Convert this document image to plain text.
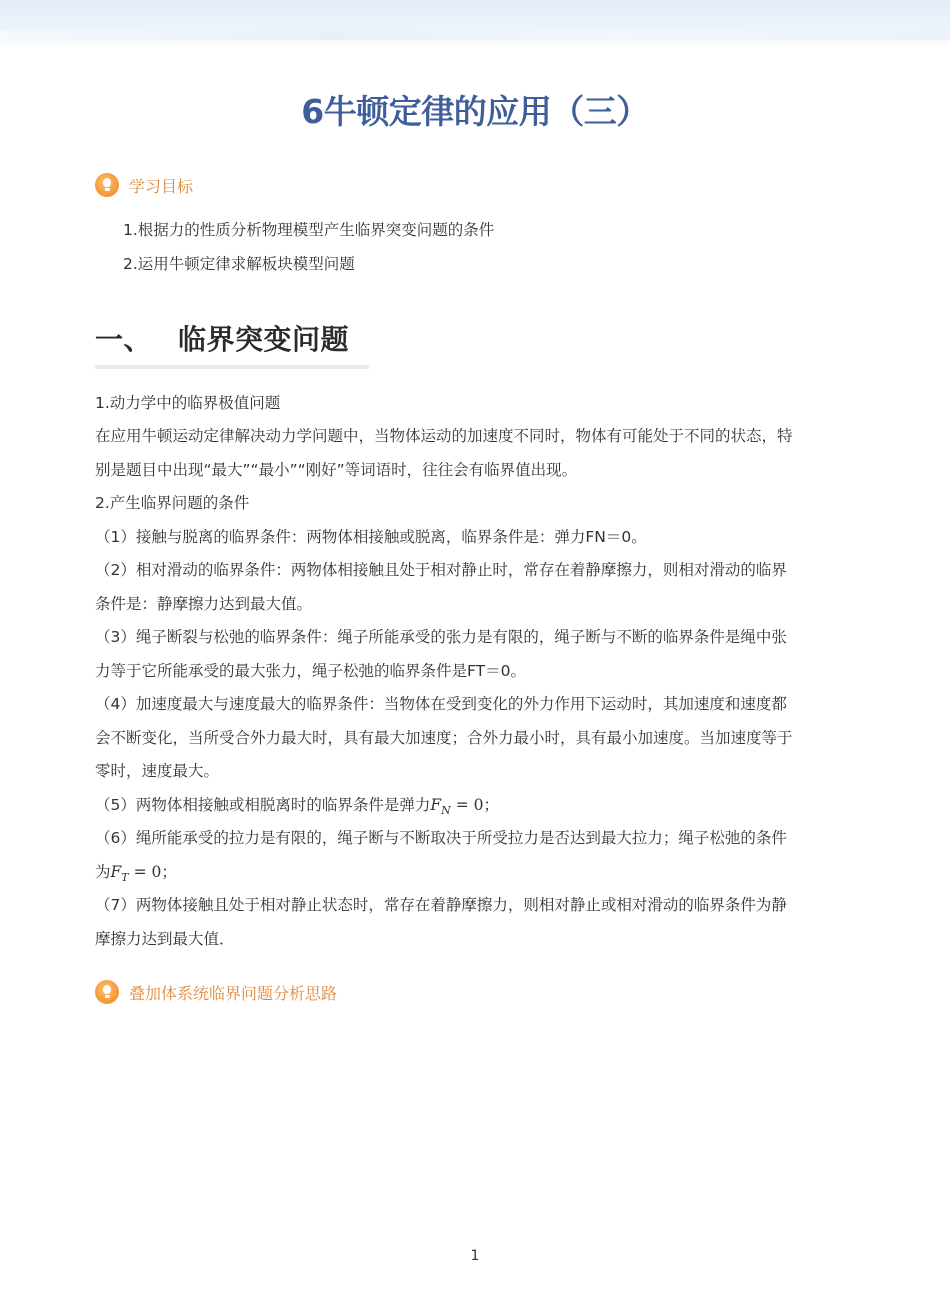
6牛顿定律的应用（三）
学习目标
1.根据力的性质分析物理模型产生临界突变问题的条件
2.运用牛顿定律求解板块模型问题
一、 临界突变问题
1.动力学中的临界极值问题
在应用牛顿运动定律解决动力学问题中，当物体运动的加速度不同时，物体有可能处于不同的状态，特
别是题目中出现“最大”“最小”“刚好”等词语时，往往会有临界值出现。
2.产生临界问题的条件
（1）接触与脱离的临界条件：两物体相接触或脱离，临界条件是：弹力FN＝0。
（2）相对滑动的临界条件：两物体相接触且处于相对静止时，常存在着静摩擦力，则相对滑动的临界
条件是：静摩擦力达到最大值。
（3）绳子断裂与松弛的临界条件：绳子所能承受的张力是有限的，绳子断与不断的临界条件是绳中张
力等于它所能承受的最大张力，绳子松弛的临界条件是FT＝0。
（4）加速度最大与速度最大的临界条件：当物体在受到变化的外力作用下运动时，其加速度和速度都
会不断变化，当所受合外力最大时，具有最大加速度；合外力最小时，具有最小加速度。当加速度等于
零时，速度最大。
（5）两物体相接触或相脱离时的临界条件是弹力$F_N = 0$；
（6）绳所能承受的拉力是有限的，绳子断与不断取决于所受拉力是否达到最大拉力；绳子松弛的条件
为$F_T = 0$；
（7）两物体接触且处于相对静止状态时，常存在着静摩擦力，则相对静止或相对滑动的临界条件为静
摩擦力达到最大值．
叠加体系统临界问题分析思路
1
